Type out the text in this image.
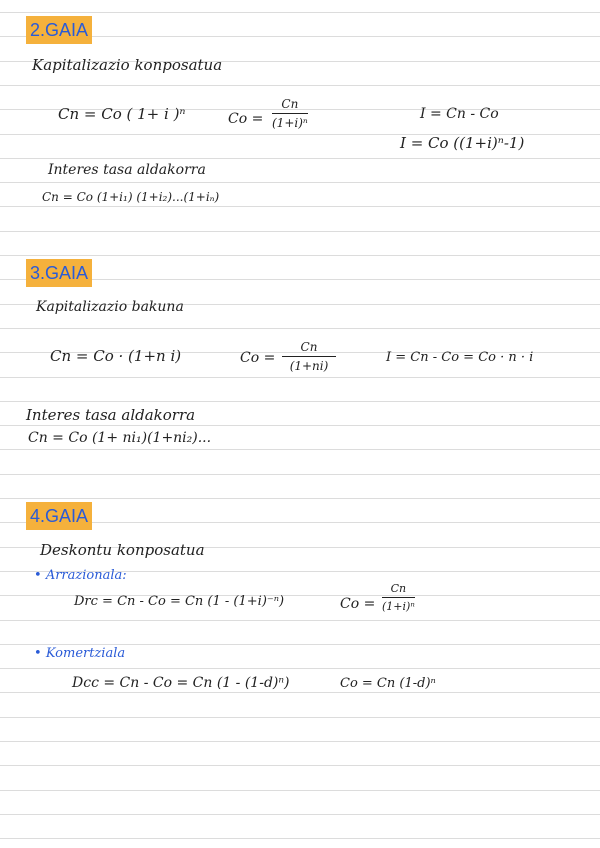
2.GAIA
Kapitalizazio konposatua
Cn = Co ( 1+ i )ⁿ	Co =
Cn
(1+i)ⁿ
I = Cn - Co
I = Co ((1+i)ⁿ-1)
Interes tasa aldakorra
Cn = Co (1+i₁) (1+i₂)...(1+iₙ)
3.GAIA
Kapitalizazio bakuna
Cn = Co · (1+n i)	Co =
Cn
(1+ni)
I = Cn - Co = Co · n · i
Interes tasa aldakorra
Cn = Co (1+ ni₁)(1+ni₂)...
4.GAIA
Deskontu konposatua
• Arrazionala:
Drc = Cn - Co = Cn (1 - (1+i)⁻ⁿ)	Co =
Cn
(1+i)ⁿ
• Komertziala
Dcc = Cn - Co = Cn (1 - (1-d)ⁿ)	Co = Cn (1-d)ⁿ
